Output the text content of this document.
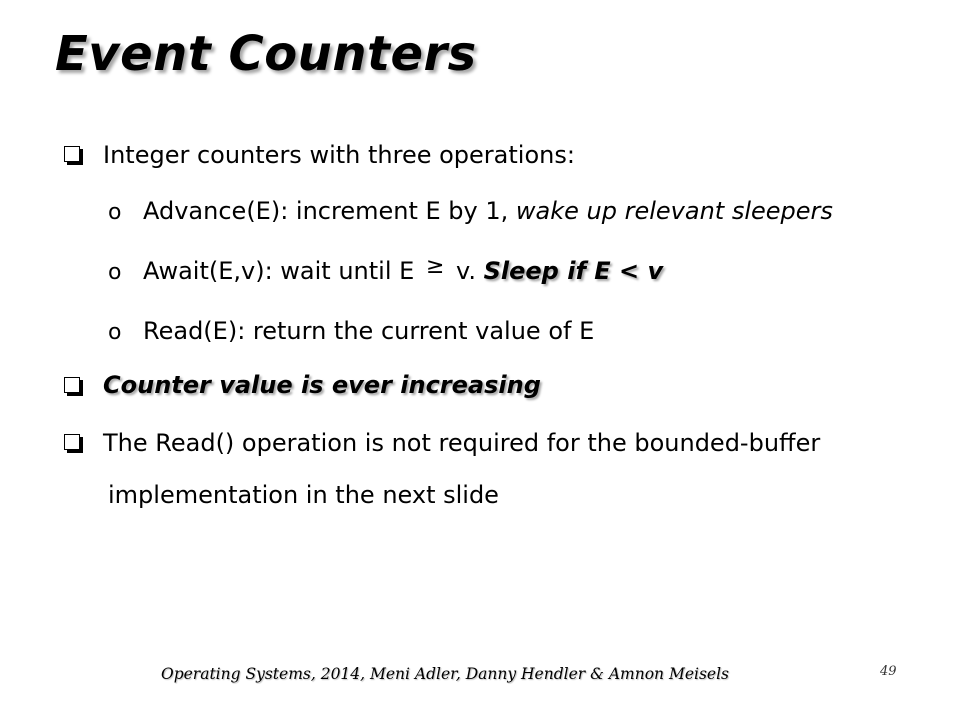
Event Counters
Integer counters with three operations:
o Advance(E): increment E by 1, wake up relevant sleepers
o Await(E,v): wait until E ≥ v. Sleep if E < v
o Read(E): return the current value of E
Counter value is ever increasing
The Read() operation is not required for the bounded-buffer
implementation in the next slide
Operating Systems, 2014, Meni Adler, Danny Hendler & Amnon Meisels	49
